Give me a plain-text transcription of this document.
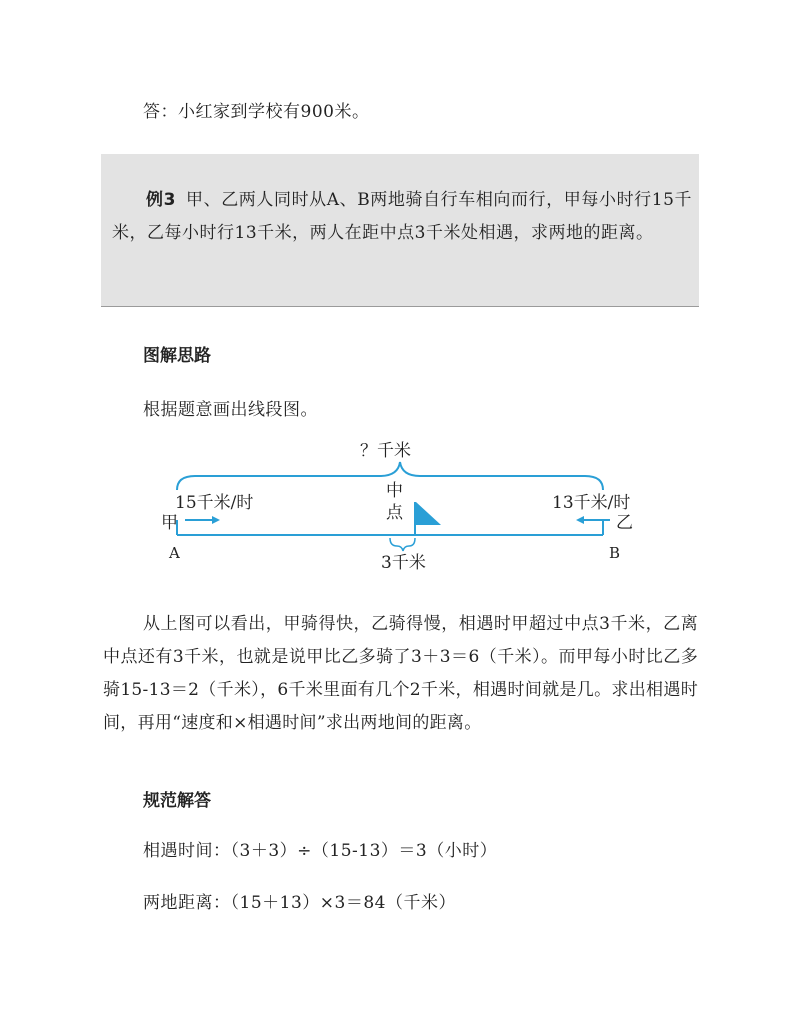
答：小红家到学校有900米。
例3 甲、乙两人同时从A、B两地骑自行车相向而行，甲每小时行15千米，乙每小时行13千米，两人在距中点3千米处相遇，求两地的距离。
图解思路
根据题意画出线段图。
？千米
15千米/时
甲
A
13千米/时
乙
B
中
点
3千米
从上图可以看出，甲骑得快，乙骑得慢，相遇时甲超过中点3千米，乙离中点还有3千米，也就是说甲比乙多骑了3＋3＝6（千米）。而甲每小时比乙多骑15-13＝2（千米），6千米里面有几个2千米，相遇时间就是几。求出相遇时间，再用“速度和×相遇时间”求出两地间的距离。
规范解答
相遇时间：（3＋3）÷（15-13）＝3（小时）
两地距离：（15＋13）×3＝84（千米）
